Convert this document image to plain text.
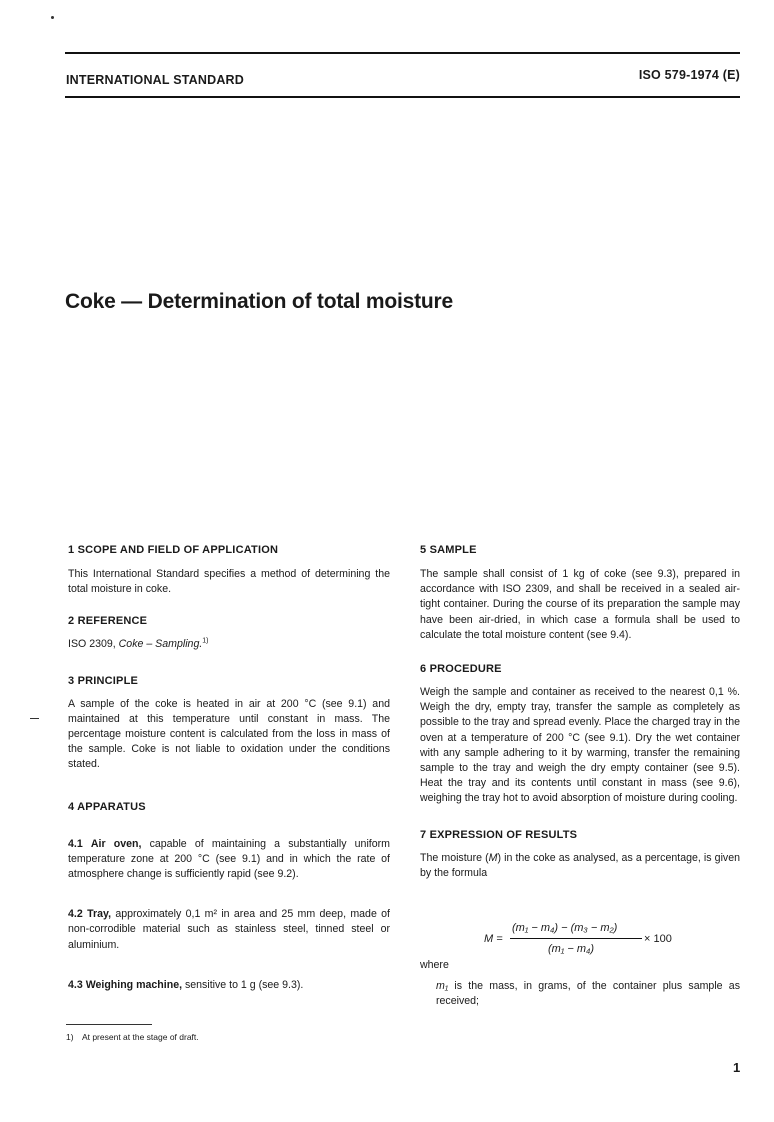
INTERNATIONAL STANDARD	ISO 579-1974 (E)
Coke — Determination of total moisture
1 SCOPE AND FIELD OF APPLICATION

This International Standard specifies a method of determining the total moisture in coke.

2 REFERENCE

ISO 2309, Coke – Sampling.$^{1)}$

3 PRINCIPLE

A sample of the coke is heated in air at 200 °C (see 9.1) and maintained at this temperature until constant in mass. The percentage moisture content is calculated from the loss in mass of the sample. Coke is not liable to oxidation under the conditions stated.

4 APPARATUS

4.1 Air oven, capable of maintaining a substantially uniform temperature zone at 200 °C (see 9.1) and in which the rate of atmosphere change is sufficiently rapid (see 9.2).

4.2 Tray, approximately 0,1 m² in area and 25 mm deep, made of non-corrodible material such as stainless steel, tinned steel or aluminium.

4.3 Weighing machine, sensitive to 1 g (see 9.3).

1) At present at the stage of draft.
5 SAMPLE

The sample shall consist of 1 kg of coke (see 9.3), prepared in accordance with ISO 2309, and shall be received in a sealed air-tight container. During the course of its preparation the sample may have been air-dried, in which case a formula shall be used to calculate the total moisture content (see 9.4).

6 PROCEDURE

Weigh the sample and container as received to the nearest 0,1 %. Weigh the dry, empty tray, transfer the sample as completely as possible to the tray and spread evenly. Place the charged tray in the oven at a temperature of 200 °C (see 9.1). Dry the wet container with any sample adhering to it by warming, transfer the remaining sample to the tray and weigh the dry empty container (see 9.5). Heat the tray and its contents until constant in mass (see 9.6), weighing the tray hot to avoid absorption of moisture during cooling.

7 EXPRESSION OF RESULTS

The moisture (M) in the coke as analysed, as a percentage, is given by the formula

M =
(m₁ − m₄) − (m₃ − m₂)
(m₁ − m₄)
× 100
where
m₁ is the mass, in grams, of the container plus sample as received;
1
